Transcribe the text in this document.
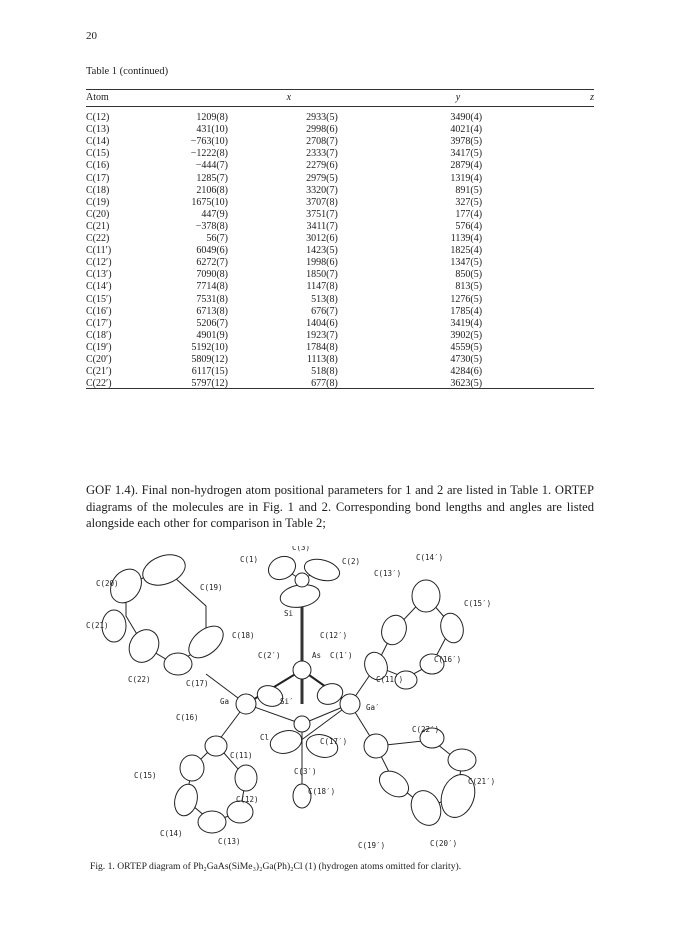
20
Table 1 (continued)
Atom	x		y	z
C(12)	1209(8)	2933(5)	3490(4)	
C(13)	431(10)	2998(6)	4021(4)	
C(14)	−763(10)	2708(7)	3978(5)	
C(15)	−1222(8)	2333(7)	3417(5)	
C(16)	−444(7)	2279(6)	2879(4)	
C(17)	1285(7)	2979(5)	1319(4)	
C(18)	2106(8)	3320(7)	891(5)	
C(19)	1675(10)	3707(8)	327(5)	
C(20)	447(9)	3751(7)	177(4)	
C(21)	−378(8)	3411(7)	576(4)	
C(22)	56(7)	3012(6)	1139(4)	
C(11′)	6049(6)	1423(5)	1825(4)	
C(12′)	6272(7)	1998(6)	1347(5)	
C(13′)	7090(8)	1850(7)	850(5)	
C(14′)	7714(8)	1147(8)	813(5)	
C(15′)	7531(8)	513(8)	1276(5)	
C(16′)	6713(8)	676(7)	1785(4)	
C(17′)	5206(7)	1404(6)	3419(4)	
C(18′)	4901(9)	1923(7)	3902(5)	
C(19′)	5192(10)	1784(8)	4559(5)	
C(20′)	5809(12)	1113(8)	4730(5)	
C(21′)	6117(15)	518(8)	4284(6)	
C(22′)	5797(12)	677(8)	3623(5)	

GOF 1.4). Final non-hydrogen atom positional parameters for 1 and 2 are listed in Table 1. ORTEP diagrams of the molecules are in Fig. 1 and 2. Corresponding bond lengths and angles are listed alongside each other for comparison in Table 2;

C(3)
C(1)	C(2)	C(14′)
C(13′)
C(20)	C(19)
C(15′)
Si
C(21)
C(18)	C(12′)
C(2′)	As C(1′)	C(16′)
C(22)	C(17)	C(11′)
Si′
Ga
Ga′
C(16)
C(22′)
Cl	C(17′)
C(11)
C(15)	C(3′)
C(21′)
C(18′)
C(12)
C(14)
C(13)	C(19′)	C(20′)
Fig. 1. ORTEP diagram of Ph₂GaAs(SiMe₃)₂Ga(Ph)₂Cl (1) (hydrogen atoms omitted for clarity).
